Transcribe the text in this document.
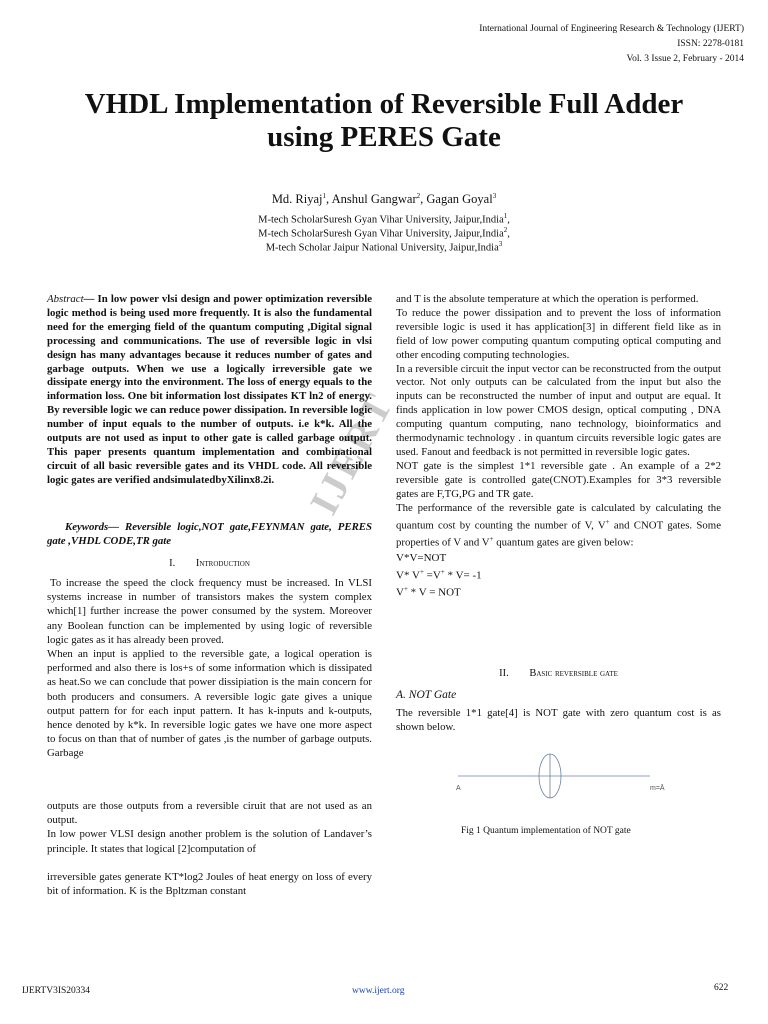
International Journal of Engineering Research & Technology (IJERT)
ISSN: 2278-0181
Vol. 3 Issue 2, February - 2014
VHDL Implementation of Reversible Full Adder
using PERES Gate
Md. Riyaj$^1$, Anshul Gangwar$^2$, Gagan Goyal$^3$
M-tech ScholarSuresh Gyan Vihar University, Jaipur,India$^1$,
M-tech ScholarSuresh Gyan Vihar University, Jaipur,India$^2$,
M-tech Scholar Jaipur National University, Jaipur,India$^3$
IJERT

Abstract— In low power vlsi design and power optimization reversible logic method is being used more frequently. It is also the fundamental need for the emerging field of the quantum computing ,Digital signal processing and communications. The use of reversible logic in vlsi design has many advantages because it reduces number of gates and garbage outputs. When we use a logically irreversible gate we dissipate energy into the environment. The loss of energy equals to the information loss. One bit information lost dissipates KT ln2 of energy. By reversible logic we can reduce power dissipation. In reversible logic number of input equals to the number of outputs. i.e k*k. All the outputs are not used as input to other gate is called garbage output. This paper presents quantum implementation and combinational circuit of all basic reversible gates and its VHDL code. All reversible logic gates are verified andsimulatedbyXilinx8.2i.

Keywords— Reversible logic,NOT gate,FEYNMAN gate, PERES gate ,VHDL CODE,TR gate

I. Introduction

To increase the speed the clock frequency must be increased. In VLSI systems increase in number of transistors makes the system complex which[1] further increase the power consumed by the system. Moreover any Boolean function can be implemented by using logic of reversible logic gates as it has already been proved.

When an input is applied to the reversible gate, a logical operation is performed and also there is los+s of some information which is dissipated as heat.So we can conclude that power dissipiation is the main concern for both producers and consumers. A reversible logic gate gives a unique output pattern for for each input pattern. It has k-inputs and k-outputs, hence denoted by k*k. In reversible logic gates we have one more aspect to focus on than that of number of gates ,is the number of garbage outputs. Garbage

outputs are those outputs from a reversible ciruit that are not used as an output.

In low power VLSI design another problem is the solution of Landaver’s principle. It states that logical [2]computation of

irreversible gates generate KT*log2 Joules of heat energy on loss of every bit of information. K is the Bpltzman constant

and T is the absolute temperature at which the operation is performed.

To reduce the power dissipation and to prevent the loss of information reversible logic is used it has application[3] in different field like as in field of low power computing quantum computing optical computing and other encoding computing technologies.

In a reversible circuit the input vector can be reconstructed from the output vector. Not only outputs can be calculated from the input but also the inputs can be reconstructed the number of input and output are equal. It finds application in low power CMOS design, optical computing , DNA computing quantum computing, nano technology, bioinformatics and thermodynamic technology . in quantum circuits reversible logic gates are used. Fanout and feedback is not permitted in reversible logic gates.

NOT gate is the simplest 1*1 reversible gate . An example of a 2*2 reversible gate is controlled gate(CNOT).Examples for 3*3 reversible gates are F,TG,PG and TR gate.

The performance of the reversible gate is calculated by calculating the quantum cost by counting the number of V, V+ and CNOT gates. Some properties of V and V+ quantum gates are given below:

V*V=NOT
V* V+ =V+ * V= -1
V+ * V = NOT
II. Basic reversible gate
A. NOT Gate

The reversible 1*1 gate[4] is NOT gate with zero quantum cost is as shown below.

A	m=Ā
Fig 1 Quantum implementation of NOT gate
IJERTV3IS20334	www.ijert.org	622
